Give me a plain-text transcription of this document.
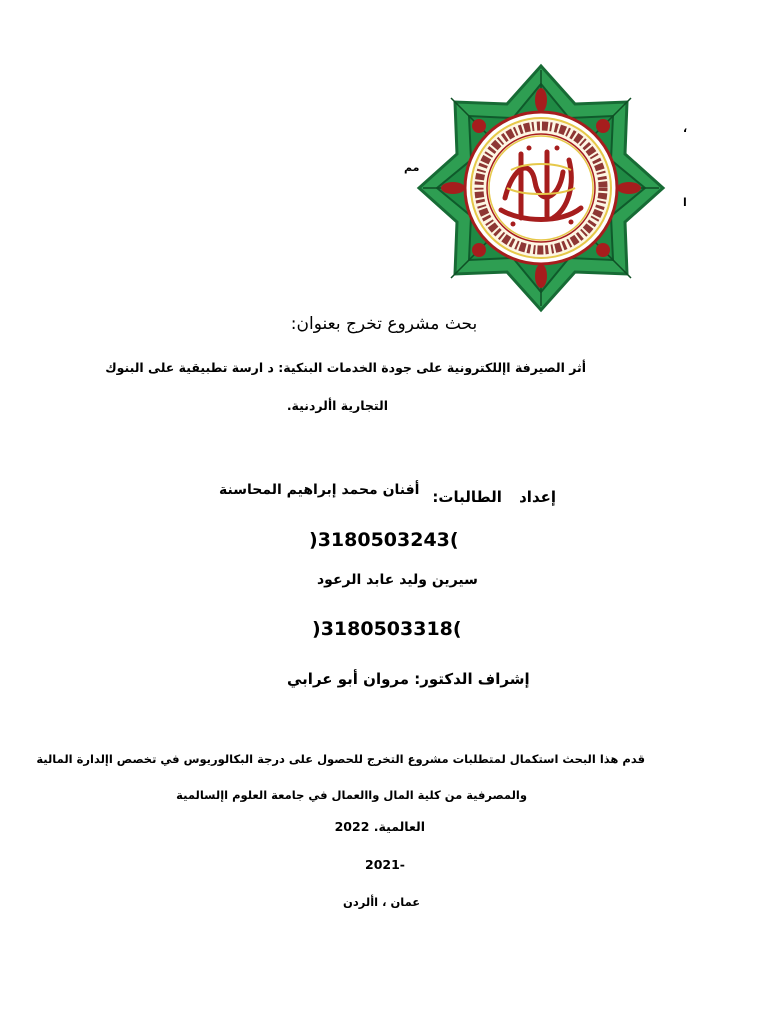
مم
،
ا
بحث مشروع تخرج بعنوان:
أثر الصيرفة اإللكترونية على جودة الخدمات البنكية: د ارسة تطبيقية على البنوك
التجارية األردنية.
إعداد الطالبات:
أفنان محمد إبراهيم المحاسنة
)3180503243(
سيرين وليد عابد الرعود
)3180503318(
إشراف الدكتور: مروان أبو عرابي
قدم هذا البحث استكمال لمتطلبات مشروع التخرج للحصول على درجة البكالوريوس في تخصص اإلدارة المالية
والمصرفية من كلية المال واالعمال في جامعة العلوم اإلسالمية
العالمية. 2022
-2021
عمان ، األردن
